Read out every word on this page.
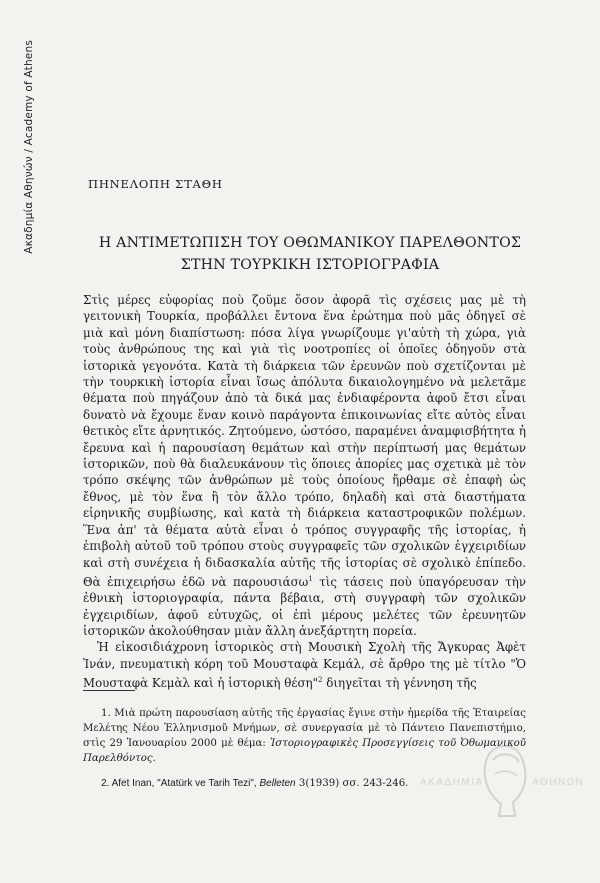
Ακαδημία Αθηνών / Academy of Athens	ΠΗΝΕΛΟΠΗ ΣΤΑΘΗ
Η ΑΝΤΙΜΕΤΩΠΙΣΗ ΤΟΥ ΟΘΩΜΑΝΙΚΟΥ ΠΑΡΕΛΘΟΝΤΟΣ
ΣΤΗΝ ΤΟΥΡΚΙΚΗ ΙΣΤΟΡΙΟΓΡΑΦΙΑ

Στὶς μέρες εὐφορίας ποὺ ζοῦμε ὅσον ἀφορᾶ τὶς σχέσεις μας μὲ τὴ γειτονικὴ Τουρκία, προβάλλει ἔντονα ἕνα ἐρώτημα ποὺ μᾶς ὁδηγεῖ σὲ μιὰ καὶ μόνη διαπίστωση: πόσα λίγα γνωρίζουμε γι'αὐτὴ τὴ χώρα, γιὰ τοὺς ἀνθρώπους της καὶ γιὰ τὶς νοοτροπίες οἱ ὁποῖες ὁδηγοῦν στὰ ἱστορικὰ γεγονότα. Κατὰ τὴ διάρκεια τῶν ἐρευνῶν ποὺ σχετίζονται μὲ τὴν τουρκικὴ ἱστορία εἶναι ἴσως ἀπόλυτα δικαιολογημένο νὰ μελετᾶμε θέματα ποὺ πηγάζουν ἀπὸ τὰ δικά μας ἐνδιαφέροντα ἀφοῦ ἔτσι εἶναι δυνατὸ νὰ ἔχουμε ἕναν κοινὸ παράγοντα ἐπικοινωνίας εἴτε αὐτὸς εἶναι θετικὸς εἴτε ἀρνητικός. Ζητούμενο, ὡστόσο, παραμένει ἀναμφισβήτητα ἡ ἔρευνα καὶ ἡ παρουσίαση θεμάτων καὶ στὴν περίπτωσή μας θεμάτων ἱστορικῶν, ποὺ θὰ διαλευκάνουν τὶς ὅποιες ἀπορίες μας σχετικὰ μὲ τὸν τρόπο σκέψης τῶν ἀνθρώπων μὲ τοὺς ὁποίους ἤρθαμε σὲ ἐπαφὴ ὡς ἔθνος, μὲ τὸν ἕνα ἢ τὸν ἄλλο τρόπο, δηλαδὴ καὶ στὰ διαστήματα εἰρηνικῆς συμβίωσης, καὶ κατὰ τὴ διάρκεια καταστροφικῶν πολέμων. Ἕνα ἀπ' τὰ θέματα αὐτὰ εἶναι ὁ τρόπος συγγραφῆς τῆς ἱστορίας, ἡ ἐπιβολὴ αὐτοῦ τοῦ τρόπου στοὺς συγγραφεῖς τῶν σχολικῶν ἐγχειριδίων καὶ στὴ συνέχεια ἡ διδασκαλία αὐτῆς τῆς ἱστορίας σὲ σχολικὸ ἐπίπεδο. Θὰ ἐπιχειρήσω ἐδῶ νὰ παρουσιάσω$^1$ τὶς τάσεις ποὺ ὑπαγόρευσαν τὴν ἐθνικὴ ἱστοριογραφία, πάντα βέβαια, στὴ συγγραφὴ τῶν σχολικῶν ἐγχειριδίων, ἀφοῦ εὐτυχῶς, οἱ ἐπὶ μέρους μελέτες τῶν ἐρευνητῶν ἱστορικῶν ἀκολούθησαν μιὰν ἄλλη ἀνεξάρτητη πορεία.

Ἡ εἰκοσιδιάχρονη ἱστορικὸς στὴ Μουσικὴ Σχολὴ τῆς Ἄγκυρας Ἀφὲτ Ἰνάν, πνευματικὴ κόρη τοῦ Μουσταφὰ Κεμάλ, σὲ ἄρθρο της μὲ τίτλο "Ὁ Μουσταφὰ Κεμὰλ καὶ ἡ ἱστορικὴ θέση"$^2$ διηγεῖται τὴ γέννηση τῆς

1. Μιὰ πρώτη παρουσίαση αὐτῆς τῆς ἐργασίας ἔγινε στὴν ἡμερίδα τῆς Ἑταιρείας Μελέτης Νέου Ἑλληνισμοῦ Μνήμων, σὲ συνεργασία μὲ τὸ Πάντειο Πανεπιστήμιο, στὶς 29 Ἰανουαρίου 2000 μὲ θέμα: Ἱστοριογραφικὲς Προσεγγίσεις τοῦ Ὀθωμανικοῦ Παρελθόντος.

2. Afet Inan, "Atatürk ve Tarih Tezi", Belleten 3(1939) σσ. 243-246.	ΑΚΑΔΗΜΙΑ	ΑΘΗΝΩΝ
